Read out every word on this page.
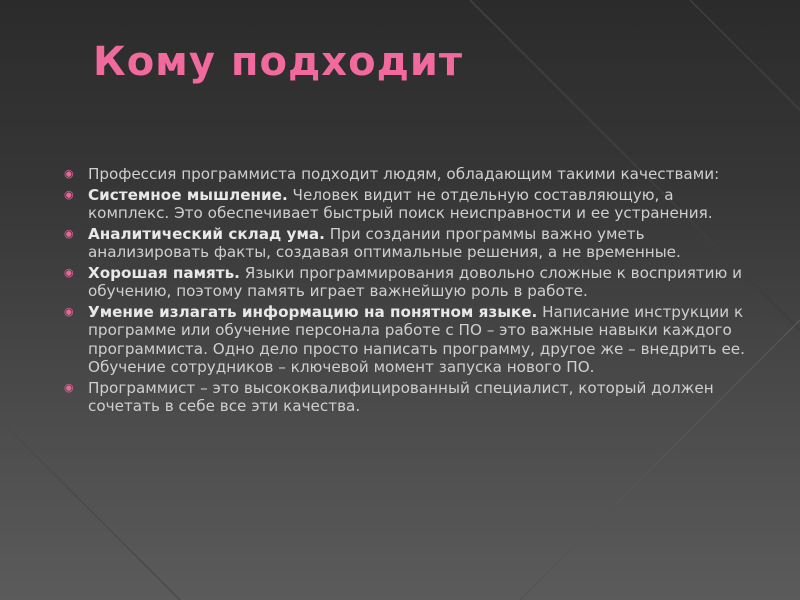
Кому подходит
◉ Профессия программиста подходит людям, обладающим такими качествами:
◉ Системное мышление. Человек видит не отдельную составляющую, а комплекс. Это обеспечивает быстрый поиск неисправности и ее устранения.
◉ Аналитический склад ума. При создании программы важно уметь анализировать факты, создавая оптимальные решения, а не временные.
◉ Хорошая память. Языки программирования довольно сложные к восприятию и обучению, поэтому память играет важнейшую роль в работе.
◉ Умение излагать информацию на понятном языке. Написание инструкции к программе или обучение персонала работе с ПО – это важные навыки каждого программиста. Одно дело просто написать программу, другое же – внедрить ее. Обучение сотрудников – ключевой момент запуска нового ПО.
◉ Программист – это высококвалифицированный специалист, который должен сочетать в себе все эти качества.
